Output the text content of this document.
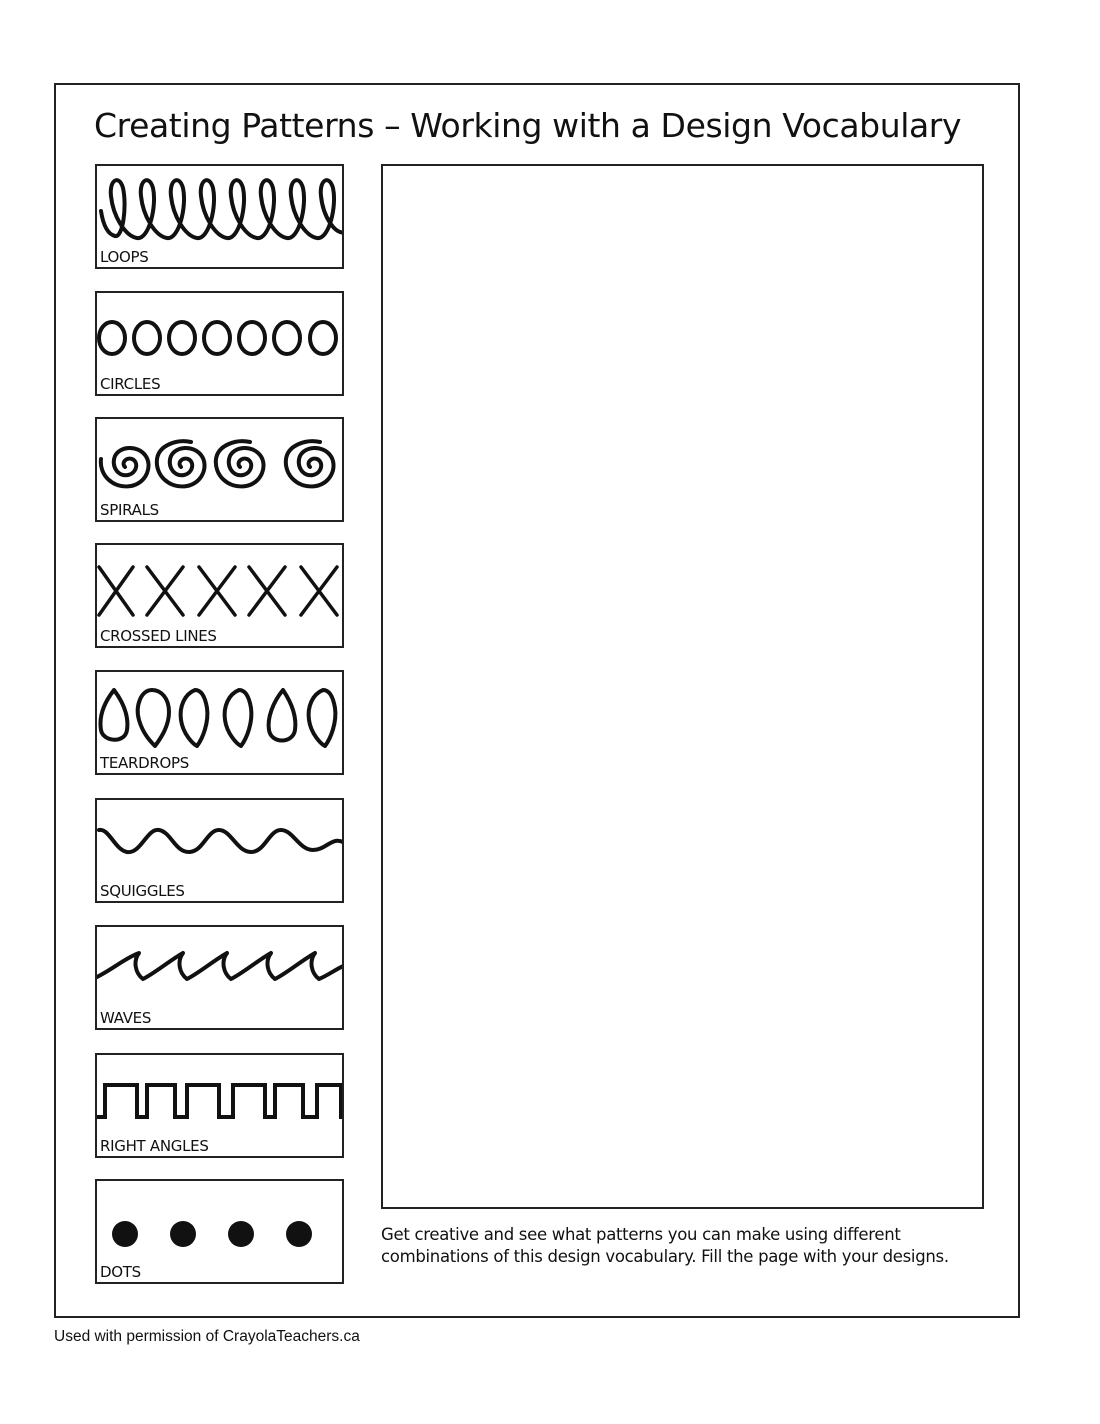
Creating Patterns – Working with a Design Vocabulary
LOOPS
CIRCLES
SPIRALS
CROSSED LINES
TEARDROPS
SQUIGGLES
WAVES
RIGHT ANGLES
DOTS
Get creative and see what patterns you can make using different combinations of this design vocabulary. Fill the page with your designs.
Used with permission of CrayolaTeachers.ca
